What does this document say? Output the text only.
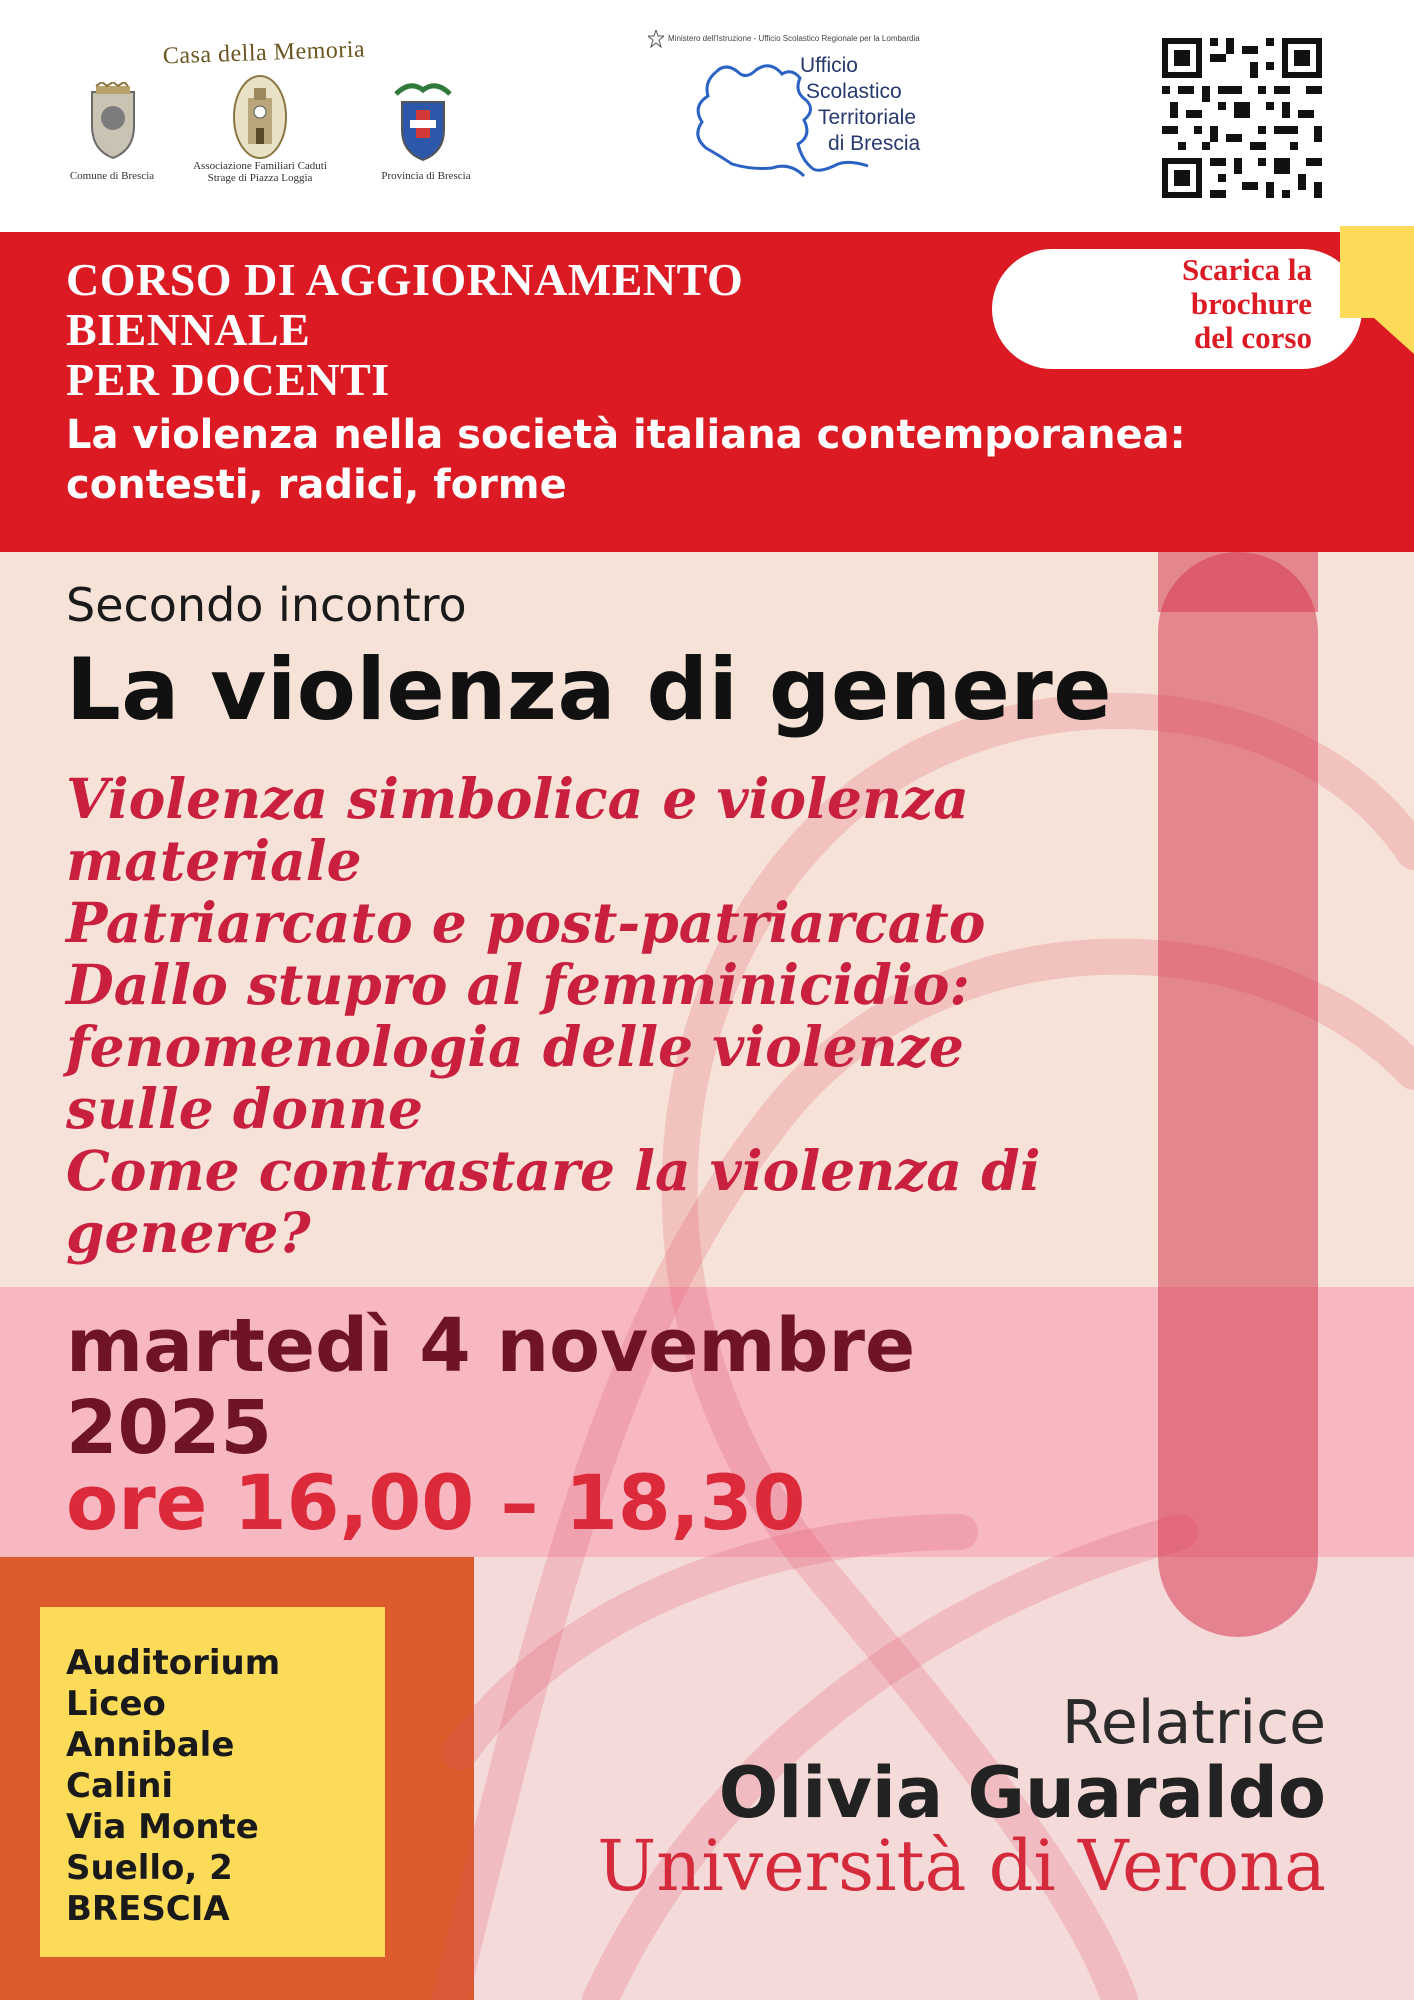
Casa della Memoria
Comune di Brescia
Associazione Familiari Caduti
Strage di Piazza Loggia	Provincia di Brescia
Ministero dell'Istruzione - Ufficio Scolastico Regionale per la Lombardia
Ufficio
Scolastico
Territoriale
di Brescia
CORSO DI AGGIORNAMENTO
BIENNALE
PER DOCENTI
La violenza nella società italiana contemporanea:
contesti, radici, forme
Scarica la
brochure
del corso
Secondo incontro
La violenza di genere
Violenza simbolica e violenza materiale
Patriarcato e post-patriarcato
Dallo stupro al femminicidio: fenomenologia delle violenze sulle donne
Come contrastare la violenza di genere?
martedì 4 novembre 2025
ore 16,00 – 18,30
Auditorium
Liceo
Annibale
Calini
Via Monte
Suello, 2
BRESCIA
Relatrice
Olivia Guaraldo
Università di Verona
